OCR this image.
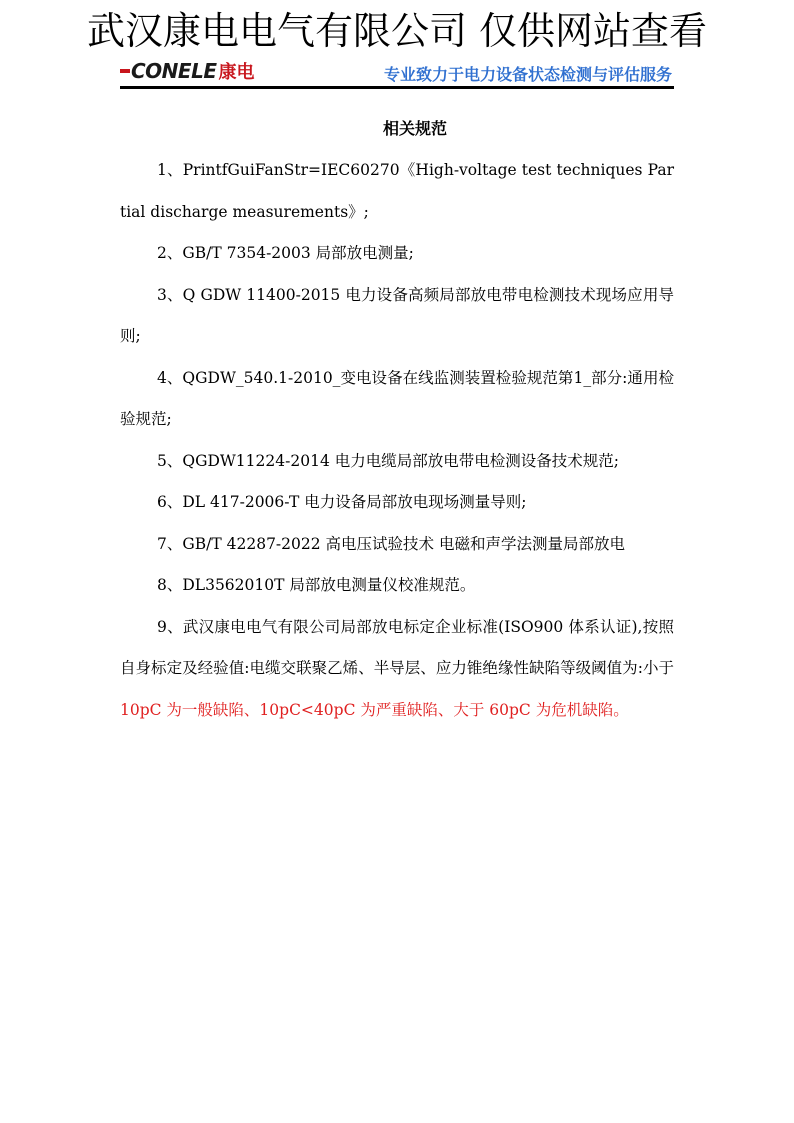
武汉康电电气有限公司 仅供网站查看
CONELE 康电	专业致力于电力设备状态检测与评估服务
相关规范

1、PrintfGuiFanStr=IEC60270《High-voltage test techniques Partial discharge measurements》;

2、GB/T 7354-2003 局部放电测量;

3、Q GDW 11400-2015 电力设备高频局部放电带电检测技术现场应用导则;

4、QGDW_540.1-2010_变电设备在线监测装置检验规范第1_部分:通用检验规范;

5、QGDW11224-2014 电力电缆局部放电带电检测设备技术规范;

6、DL 417-2006-T 电力设备局部放电现场测量导则;

7、GB/T 42287-2022 高电压试验技术 电磁和声学法测量局部放电

8、DL3562010T 局部放电测量仪校准规范。

9、武汉康电电气有限公司局部放电标定企业标准(ISO900 体系认证),按照自身标定及经验值:电缆交联聚乙烯、半导层、应力锥绝缘性缺陷等级阈值为:小于 10pC 为一般缺陷、10pC<40pC 为严重缺陷、大于 60pC 为危机缺陷。
